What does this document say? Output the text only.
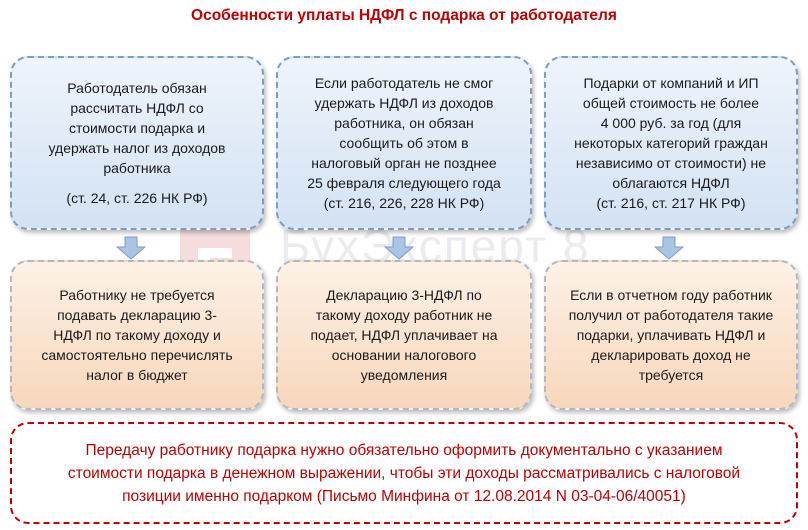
Особенности уплаты НДФЛ с подарка от работодателя
БухЭксперт 8

Работодатель обязан

рассчитать НДФЛ со

стоимости подарка и

удержать налог из доходов

работника

(ст. 24, ст. 226 НК РФ)

Работнику не требуется

подавать декларацию 3-

НДФЛ по такому доходу и

самостоятельно перечислять

налог в бюджет

Если работодатель не смог

удержать НДФЛ из доходов

работника, он обязан

сообщить об этом в

налоговый орган не позднее

25 февраля следующего года

(ст. 216, 226, 228 НК РФ)

Декларацию 3-НДФЛ по

такому доходу работник не

подает, НДФЛ уплачивает на

основании налогового

уведомления

Подарки от компаний и ИП

общей стоимость не более

4 000 руб. за год (для

некоторых категорий граждан

независимо от стоимости) не

облагаются НДФЛ

(ст. 216, ст. 217 НК РФ)

Если в отчетном году работник

получил от работодателя такие

подарки, уплачивать НДФЛ и

декларировать доход не

требуется

Передачу работнику подарка нужно обязательно оформить документально с указанием
стоимости подарка в денежном выражении, чтобы эти доходы рассматривались с налоговой
позиции именно подарком (Письмо Минфина от 12.08.2014 N 03-04-06/40051)
